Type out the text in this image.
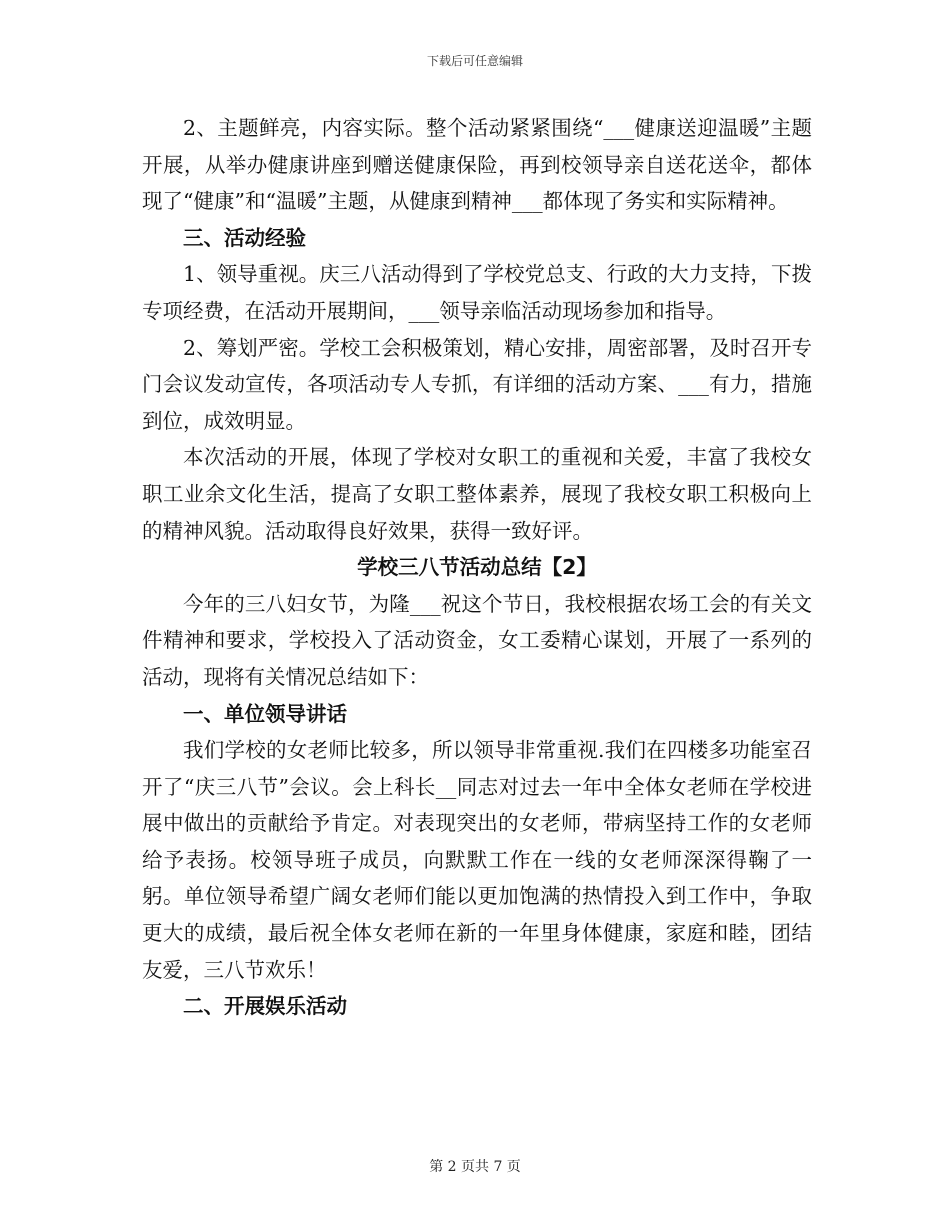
下载后可任意编辑

2、主题鲜亮，内容实际。整个活动紧紧围绕“___健康送迎温暖”主题开展，从举办健康讲座到赠送健康保险，再到校领导亲自送花送伞，都体现了“健康”和“温暖”主题，从健康到精神___都体现了务实和实际精神。

三、活动经验

1、领导重视。庆三八活动得到了学校党总支、行政的大力支持，下拨专项经费，在活动开展期间，___领导亲临活动现场参加和指导。

2、筹划严密。学校工会积极策划，精心安排，周密部署，及时召开专门会议发动宣传，各项活动专人专抓，有详细的活动方案、___有力，措施到位，成效明显。

本次活动的开展，体现了学校对女职工的重视和关爱，丰富了我校女职工业余文化生活，提高了女职工整体素养，展现了我校女职工积极向上的精神风貌。活动取得良好效果，获得一致好评。

学校三八节活动总结【2】

今年的三八妇女节，为隆___祝这个节日，我校根据农场工会的有关文件精神和要求，学校投入了活动资金，女工委精心谋划，开展了一系列的活动，现将有关情况总结如下：

一、单位领导讲话

我们学校的女老师比较多，所以领导非常重视.我们在四楼多功能室召开了“庆三八节”会议。会上科长__同志对过去一年中全体女老师在学校进展中做出的贡献给予肯定。对表现突出的女老师，带病坚持工作的女老师给予表扬。校领导班子成员，向默默工作在一线的女老师深深得鞠了一躬。单位领导希望广阔女老师们能以更加饱满的热情投入到工作中，争取更大的成绩，最后祝全体女老师在新的一年里身体健康，家庭和睦，团结友爱，三八节欢乐！

二、开展娱乐活动

第 2 页共 7 页
